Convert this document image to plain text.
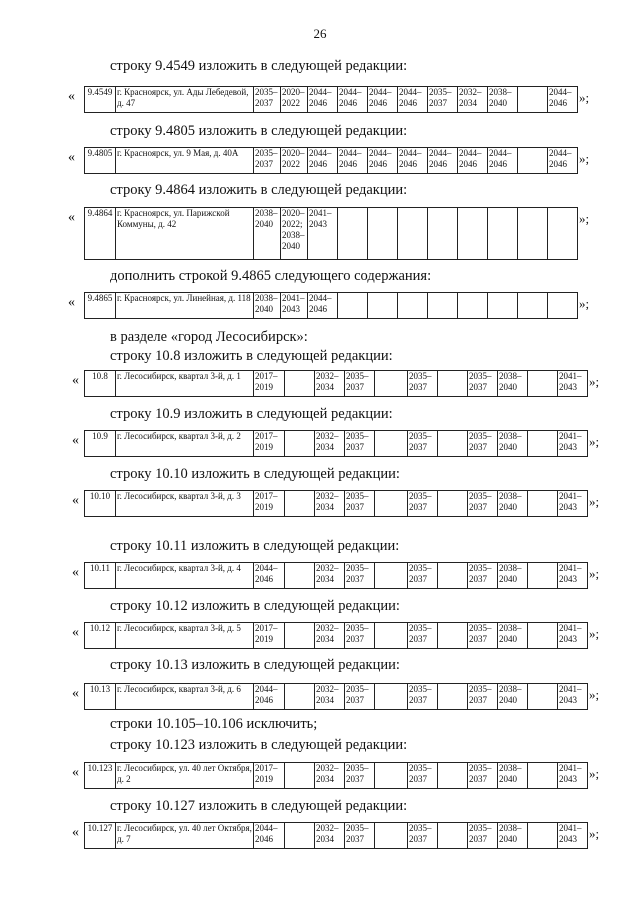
26
строку 9.4549 изложить в следующей редакции:
« 9.4549	г. Красноярск, ул. Ады Лебедевой, д. 47	2035–2037	2020–2022	2044–2046	2044–2046	2044–2046	2044–2046	2035–2037	2032–2034	2038–2040		2044–2046 »;
строку 9.4805 изложить в следующей редакции:
« 9.4805	г. Красноярск, ул. 9 Мая, д. 40А	2035–2037	2020–2022	2044–2046	2044–2046	2044–2046	2044–2046	2044–2046	2044–2046	2044–2046		2044–2046 »;
строку 9.4864 изложить в следующей редакции:
« 9.4864	г. Красноярск, ул. Парижской Коммуны, д. 42	2038–2040	2020–2022; 2038–2040	2041–2043									»;
дополнить строкой 9.4865 следующего содержания:
« 9.4865	г. Красноярск, ул. Линейная, д. 118	2038–2040	2041–2043	2044–2046									»;
в разделе «город Лесосибирск»:
строку 10.8 изложить в следующей редакции:
« 10.8	г. Лесосибирск, квартал 3-й, д. 1	2017–2019		2032–2034	2035–2037		2035–2037		2035–2037	2038–2040		2041–2043 »;
строку 10.9 изложить в следующей редакции:
« 10.9	г. Лесосибирск, квартал 3-й, д. 2	2017–2019		2032–2034	2035–2037		2035–2037		2035–2037	2038–2040		2041–2043 »;
строку 10.10 изложить в следующей редакции:
« 10.10	г. Лесосибирск, квартал 3-й, д. 3	2017–2019		2032–2034	2035–2037		2035–2037		2035–2037	2038–2040		2041–2043 »;
строку 10.11 изложить в следующей редакции:
« 10.11	г. Лесосибирск, квартал 3-й, д. 4	2044–2046		2032–2034	2035–2037		2035–2037		2035–2037	2038–2040		2041–2043 »;
строку 10.12 изложить в следующей редакции:
« 10.12	г. Лесосибирск, квартал 3-й, д. 5	2017–2019		2032–2034	2035–2037		2035–2037		2035–2037	2038–2040		2041–2043 »;
строку 10.13 изложить в следующей редакции:
« 10.13	г. Лесосибирск, квартал 3-й, д. 6	2044–2046		2032–2034	2035–2037		2035–2037		2035–2037	2038–2040		2041–2043 »;
строки 10.105–10.106 исключить;
строку 10.123 изложить в следующей редакции:
« 10.123	г. Лесосибирск, ул. 40 лет Октября, д. 2	2017–2019		2032–2034	2035–2037		2035–2037		2035–2037	2038–2040		2041–2043 »;
строку 10.127 изложить в следующей редакции:
« 10.127	г. Лесосибирск, ул. 40 лет Октября, д. 7	2044–2046		2032–2034	2035–2037		2035–2037		2035–2037	2038–2040		2041–2043 »;
